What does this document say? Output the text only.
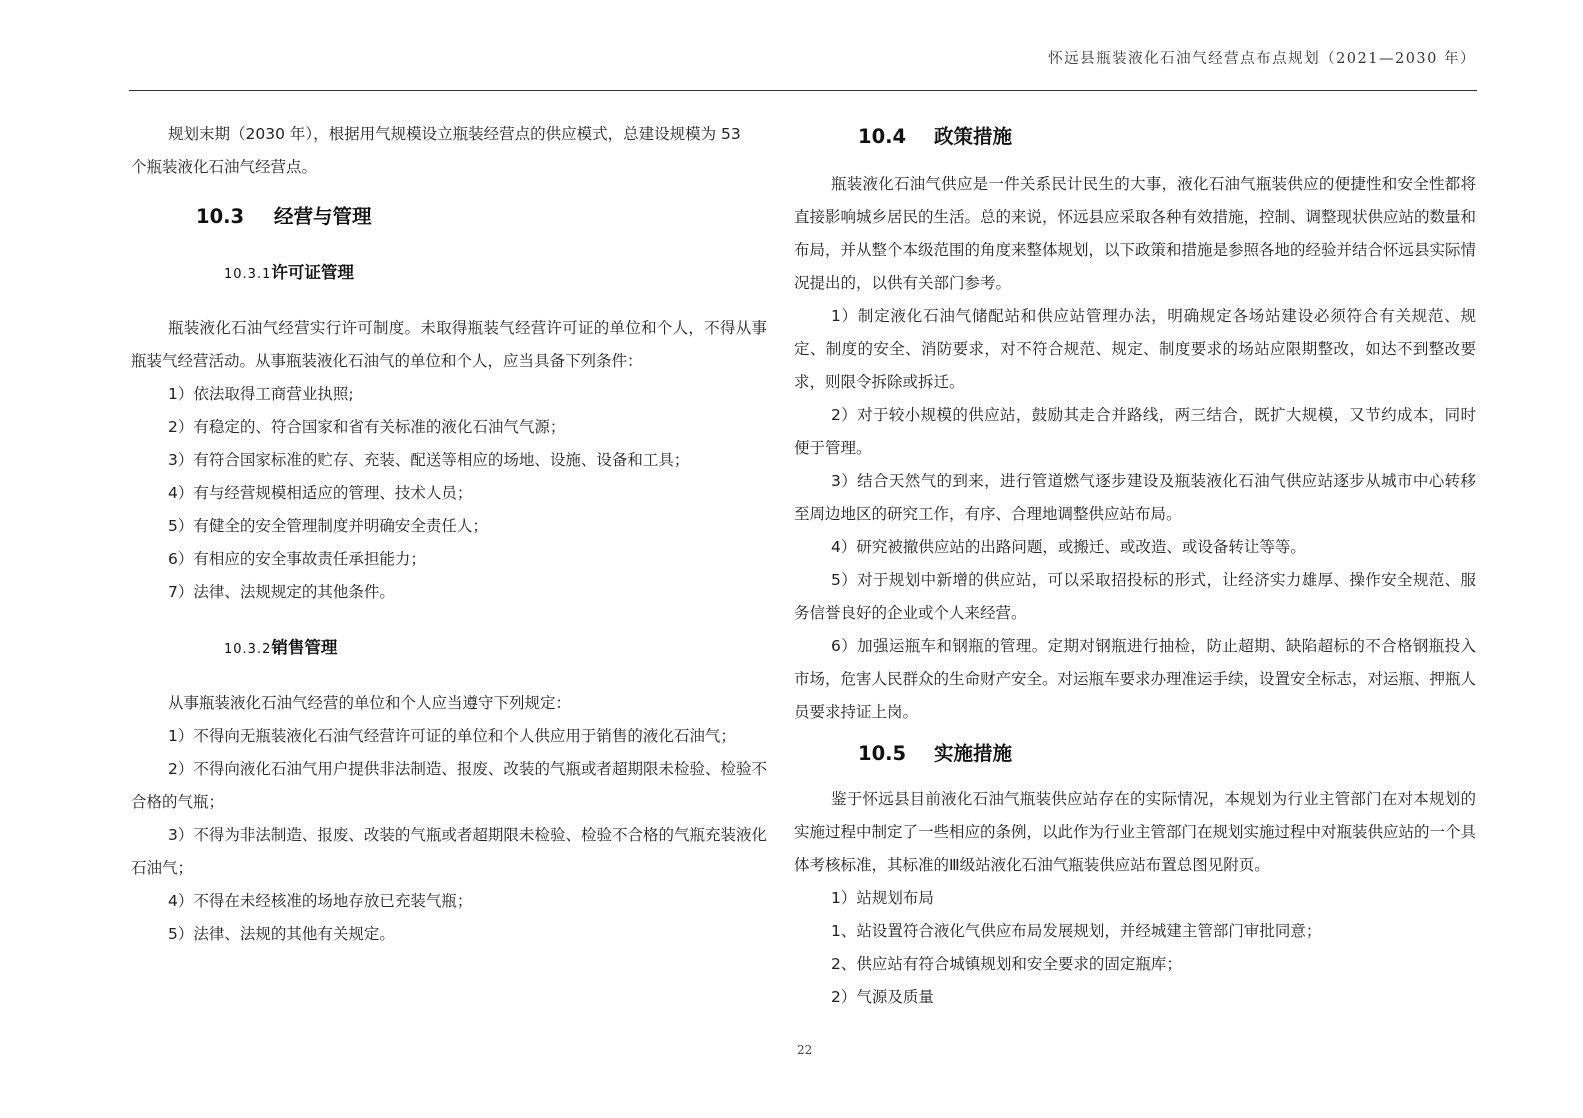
怀远县瓶装液化石油气经营点布点规划（2021—2030 年）

规划末期（2030 年），根据用气规模设立瓶装经营点的供应模式，总建设规模为 53

个瓶装液化石油气经营点。

10.3 经营与管理
10.3.1许可证管理

瓶装液化石油气经营实行许可制度。未取得瓶装气经营许可证的单位和个人，不得从事瓶装气经营活动。从事瓶装液化石油气的单位和个人，应当具备下列条件：

1）依法取得工商营业执照;

2）有稳定的、符合国家和省有关标准的液化石油气气源；

3）有符合国家标准的贮存、充装、配送等相应的场地、设施、设备和工具；

4）有与经营规模相适应的管理、技术人员；

5）有健全的安全管理制度并明确安全责任人；

6）有相应的安全事故责任承担能力；

7）法律、法规规定的其他条件。

10.3.2销售管理

从事瓶装液化石油气经营的单位和个人应当遵守下列规定：

1）不得向无瓶装液化石油气经营许可证的单位和个人供应用于销售的液化石油气；

2）不得向液化石油气用户提供非法制造、报废、改装的气瓶或者超期限未检验、检验不合格的气瓶；

3）不得为非法制造、报废、改装的气瓶或者超期限未检验、检验不合格的气瓶充装液化石油气；

4）不得在未经核准的场地存放已充装气瓶；

5）法律、法规的其他有关规定。

10.4 政策措施

瓶装液化石油气供应是一件关系民计民生的大事，液化石油气瓶装供应的便捷性和安全性都将直接影响城乡居民的生活。总的来说，怀远县应采取各种有效措施，控制、调整现状供应站的数量和布局，并从整个本级范围的角度来整体规划，以下政策和措施是参照各地的经验并结合怀远县实际情况提出的，以供有关部门参考。

1）制定液化石油气储配站和供应站管理办法，明确规定各场站建设必须符合有关规范、规定、制度的安全、消防要求，对不符合规范、规定、制度要求的场站应限期整改，如达不到整改要求，则限令拆除或拆迁。

2）对于较小规模的供应站，鼓励其走合并路线，两三结合，既扩大规模，又节约成本，同时便于管理。

3）结合天然气的到来，进行管道燃气逐步建设及瓶装液化石油气供应站逐步从城市中心转移至周边地区的研究工作，有序、合理地调整供应站布局。

4）研究被撤供应站的出路问题，或搬迁、或改造、或设备转让等等。

5）对于规划中新增的供应站，可以采取招投标的形式，让经济实力雄厚、操作安全规范、服务信誉良好的企业或个人来经营。

6）加强运瓶车和钢瓶的管理。定期对钢瓶进行抽检，防止超期、缺陷超标的不合格钢瓶投入市场，危害人民群众的生命财产安全。对运瓶车要求办理准运手续，设置安全标志，对运瓶、押瓶人员要求持证上岗。

10.5 实施措施

鉴于怀远县目前液化石油气瓶装供应站存在的实际情况，本规划为行业主管部门在对本规划的实施过程中制定了一些相应的条例，以此作为行业主管部门在规划实施过程中对瓶装供应站的一个具体考核标准，其标准的Ⅲ级站液化石油气瓶装供应站布置总图见附页。

1）站规划布局

1、站设置符合液化气供应布局发展规划，并经城建主管部门审批同意；

2、供应站有符合城镇规划和安全要求的固定瓶库；

2）气源及质量

22
